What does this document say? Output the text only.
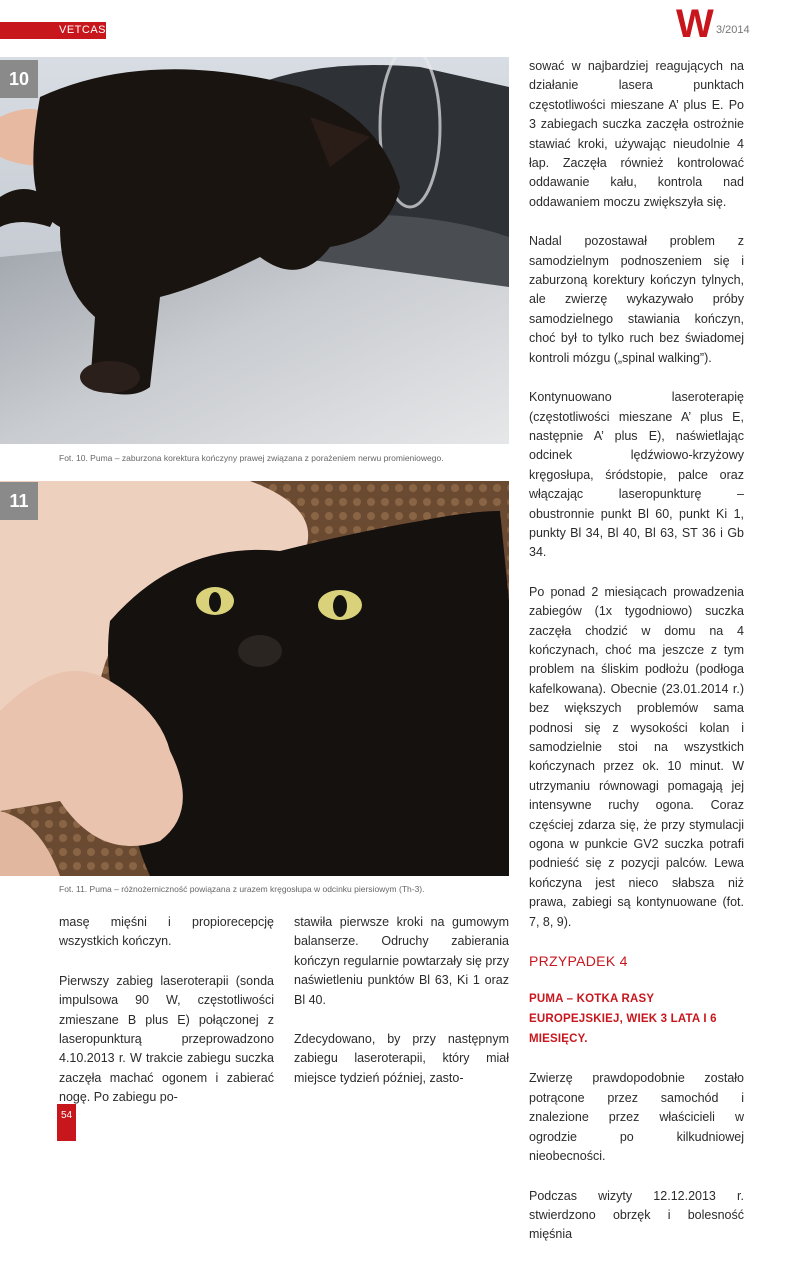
VETCASE	W 3/2014
10
Fot. 10. Puma – zaburzona korektura kończyny prawej związana z porażeniem nerwu promieniowego.
11
Fot. 11. Puma – różnożerniczność powiązana z urazem kręgosłupa w odcinku piersiowym (Th-3).

sować w najbardziej reagujących na działanie lasera punktach częstotliwości mieszane A’ plus E. Po 3 zabiegach suczka zaczęła ostrożnie stawiać kroki, używając nieudolnie 4 łap. Zaczęła również kontrolować oddawanie kału, kontrola nad oddawaniem moczu zwiększyła się.

Nadal pozostawał problem z samodzielnym podnoszeniem się i zaburzoną korektury kończyn tylnych, ale zwierzę wykazywało próby samodzielnego stawiania kończyn, choć był to tylko ruch bez świadomej kontroli mózgu („spinal walking”).

Kontynuowano laseroterapię (częstotliwości mieszane A’ plus E, następnie A’ plus E), naświetlając odcinek lędźwiowo-krzyżowy kręgosłupa, śródstopie, palce oraz włączając laseropunkturę – obustronnie punkt Bl 60, punkt Ki 1, punkty Bl 34, Bl 40, Bl 63, ST 36 i Gb 34.

Po ponad 2 miesiącach prowadzenia zabiegów (1x tygodniowo) suczka zaczęła chodzić w domu na 4 kończynach, choć ma jeszcze z tym problem na śliskim podłożu (podłoga kafelkowana). Obecnie (23.01.2014 r.) bez większych problemów sama podnosi się z wysokości kolan i samodzielnie stoi na wszystkich kończynach przez ok. 10 minut. W utrzymaniu równowagi pomagają jej intensywne ruchy ogona. Coraz częściej zdarza się, że przy stymulacji ogona w punkcie GV2 suczka potrafi podnieść się z pozycji palców. Lewa kończyna jest nieco słabsza niż prawa, zabiegi są kontynuowane (fot. 7, 8, 9).

PRZYPADEK 4
PUMA – KOTKA RASY EUROPEJSKIEJ, WIEK 3 LATA I 6 MIESIĘCY.

Zwierzę prawdopodobnie zostało potrącone przez samochód i znalezione przez właścicieli w ogrodzie po kilkudniowej nieobecności.

Podczas wizyty 12.12.2013 r. stwierdzono obrzęk i bolesność mięśnia

masę mięśni i propiorecepcję wszystkich kończyn.

Pierwszy zabieg laseroterapii (sonda impulsowa 90 W, częstotliwości zmieszane B plus E) połączonej z laseropunkturą przeprowadzono 4.10.2013 r. W trakcie zabiegu suczka zaczęła machać ogonem i zabierać nogę. Po zabiegu po-

stawiła pierwsze kroki na gumowym balanserze. Odruchy zabierania kończyn regularnie powtarzały się przy naświetleniu punktów Bl 63, Ki 1 oraz Bl 40.

Zdecydowano, by przy następnym zabiegu laseroterapii, który miał miejsce tydzień później, zasto-

54
